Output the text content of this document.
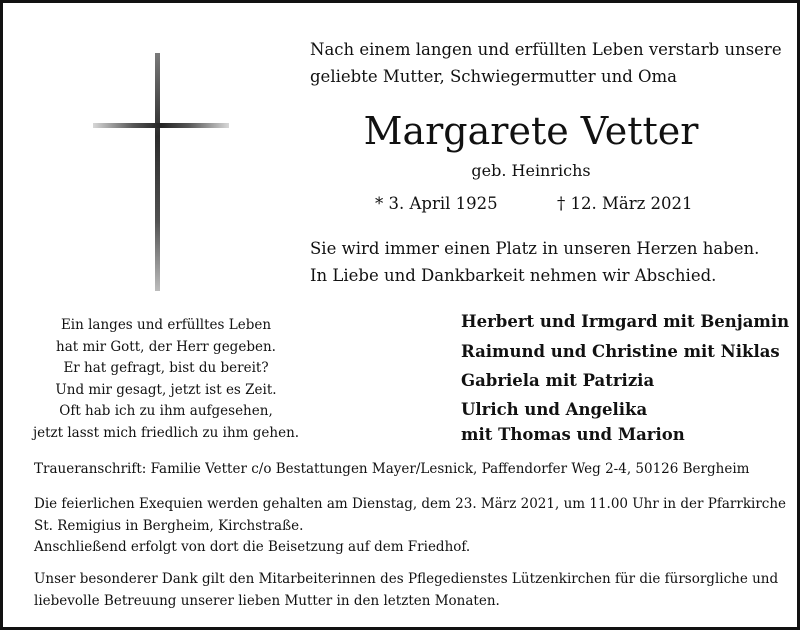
Nach einem langen und erfüllten Leben verstarb unsere
geliebte Mutter, Schwiegermutter und Oma
Margarete Vetter
geb. Heinrichs
* 3. April 1925	† 12. März 2021
Sie wird immer einen Platz in unseren Herzen haben.
In Liebe und Dankbarkeit nehmen wir Abschied.
Ein langes und erfülltes Leben
hat mir Gott, der Herr gegeben.
Er hat gefragt, bist du bereit?
Und mir gesagt, jetzt ist es Zeit.
Oft hab ich zu ihm aufgesehen,
jetzt lasst mich friedlich zu ihm gehen.
Herbert und Irmgard mit Benjamin
Raimund und Christine mit Niklas
Gabriela mit Patrizia
Ulrich und Angelika
mit Thomas und Marion
Traueranschrift: Familie Vetter c/o Bestattungen Mayer/Lesnick, Paffendorfer Weg 2-4, 50126 Bergheim
Die feierlichen Exequien werden gehalten am Dienstag, dem 23. März 2021, um 11.00 Uhr in der Pfarrkirche
St. Remigius in Bergheim, Kirchstraße.
Anschließend erfolgt von dort die Beisetzung auf dem Friedhof.
Unser besonderer Dank gilt den Mitarbeiterinnen des Pflegedienstes Lützenkirchen für die fürsorgliche und
liebevolle Betreuung unserer lieben Mutter in den letzten Monaten.
